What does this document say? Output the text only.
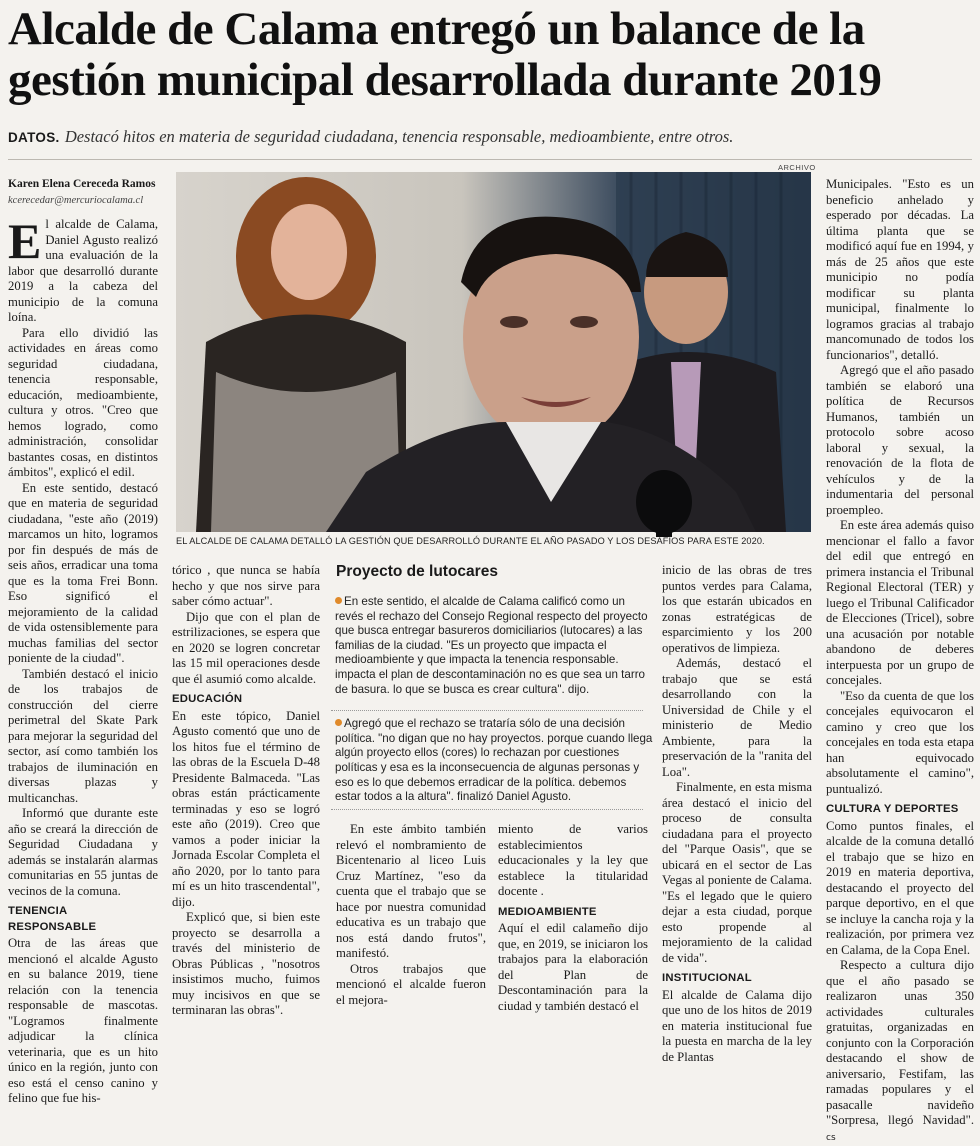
Alcalde de Calama entregó un balance de la gestión municipal desarrollada durante 2019
DATOS. Destacó hitos en materia de seguridad ciudadana, tenencia responsable, medioambiente, entre otros.
Karen Elena Cereceda Ramos
kcerecedar@mercuriocalama.cl

El alcalde de Calama, Daniel Agusto realizó una evaluación de la labor que desarrolló durante 2019 a la cabeza del municipio de la comuna loína.

Para ello dividió las actividades en áreas como seguridad ciudadana, tenencia responsable, educación, medioambiente, cultura y otros. "Creo que hemos logrado, como administración, consolidar bastantes cosas, en distintos ámbitos", explicó el edil.

En este sentido, destacó que en materia de seguridad ciudadana, "este año (2019) marcamos un hito, logramos por fin después de más de seis años, erradicar una toma que es la toma Frei Bonn. Eso significó el mejoramiento de la calidad de vida ostensiblemente para muchas familias del sector poniente de la ciudad".

También destacó el inicio de los trabajos de construcción del cierre perimetral del Skate Park para mejorar la seguridad del sector, así como también los trabajos de iluminación en diversas plazas y multicanchas.

Informó que durante este año se creará la dirección de Seguridad Ciudadana y además se instalarán alarmas comunitarias en 55 juntas de vecinos de la comuna.

TENENCIA RESPONSABLE

Otra de las áreas que mencionó el alcalde Agusto en su balance 2019, tiene relación con la tenencia responsable de mascotas. "Logramos finalmente adjudicar la clínica veterinaria, que es un hito único en la región, junto con eso está el censo canino y felino que fue his-

ARCHIVO
EL ALCALDE DE CALAMA DETALLÓ LA GESTIÓN QUE DESARROLLÓ DURANTE EL AÑO PASADO Y LOS DESAFÍOS PARA ESTE 2020.

tórico , que nunca se había hecho y que nos sirve para saber cómo actuar".

Dijo que con el plan de estrilizaciones, se espera que en 2020 se logren concretar las 15 mil operaciones desde que él asumió como alcalde.

EDUCACIÓN

En este tópico, Daniel Agusto comentó que uno de los hitos fue el término de las obras de la Escuela D-48 Presidente Balmaceda. "Las obras están prácticamente terminadas y eso se logró este año (2019). Creo que vamos a poder iniciar la Jornada Escolar Completa el año 2020, por lo tanto para mí es un hito trascendental", dijo.

Explicó que, si bien este proyecto se desarrolla a través del ministerio de Obras Públicas , "nosotros insistimos mucho, fuimos muy incisivos en que se terminaran las obras".

Proyecto de lutocares
En este sentido, el alcalde de Calama calificó como un revés el rechazo del Consejo Regional respecto del proyecto que busca entregar basureros domiciliarios (lutocares) a las familias de la ciudad. "Es un proyecto que impacta el medioambiente y que impacta la tenencia responsable. impacta el plan de descontaminación no es que sea un tarro de basura. lo que se busca es crear cultura". dijo.
Agregó que el rechazo se trataría sólo de una decisión política. "no digan que no hay proyectos. porque cuando llega algún proyecto ellos (cores) lo rechazan por cuestiones políticas y esa es la inconsecuencia de algunas personas y eso es lo que debemos erradicar de la política. debemos estar todos a la altura". finalizó Daniel Agusto.

En este ámbito también relevó el nombramiento de Bicentenario al liceo Luis Cruz Martínez, "eso da cuenta que el trabajo que se hace por nuestra comunidad educativa es un trabajo que nos está dando frutos", manifestó.

Otros trabajos que mencionó el alcalde fueron el mejora-

miento de varios establecimientos educacionales y la ley que establece la titularidad docente .

MEDIOAMBIENTE

Aquí el edil calameño dijo que, en 2019, se iniciaron los trabajos para la elaboración del Plan de Descontaminación para la ciudad y también destacó el

inicio de las obras de tres puntos verdes para Calama, los que estarán ubicados en zonas estratégicas de esparcimiento y los 200 operativos de limpieza.

Además, destacó el trabajo que se está desarrollando con la Universidad de Chile y el ministerio de Medio Ambiente, para la preservación de la "ranita del Loa".

Finalmente, en esta misma área destacó el inicio del proceso de consulta ciudadana para el proyecto del "Parque Oasis", que se ubicará en el sector de Las Vegas al poniente de Calama. "Es el legado que le quiero dejar a esta ciudad, porque esto propende al mejoramiento de la calidad de vida".

INSTITUCIONAL

El alcalde de Calama dijo que uno de los hitos de 2019 en materia institucional fue la puesta en marcha de la ley de Plantas

Municipales. "Esto es un beneficio anhelado y esperado por décadas. La última planta que se modificó aquí fue en 1994, y más de 25 años que este municipio no podía modificar su planta municipal, finalmente lo logramos gracias al trabajo mancomunado de todos los funcionarios", detalló.

Agregó que el año pasado también se elaboró una política de Recursos Humanos, también un protocolo sobre acoso laboral y sexual, la renovación de la flota de vehículos y de la indumentaria del personal proempleo.

En este área además quiso mencionar el fallo a favor del edil que entregó en primera instancia el Tribunal Regional Electoral (TER) y luego el Tribunal Calificador de Elecciones (Tricel), sobre una acusación por notable abandono de deberes interpuesta por un grupo de concejales.

"Eso da cuenta de que los concejales equivocaron el camino y creo que los concejales en toda esta etapa han equivocado absolutamente el camino", puntualizó.

CULTURA Y DEPORTES

Como puntos finales, el alcalde de la comuna detalló el trabajo que se hizo en 2019 en materia deportiva, destacando el proyecto del parque deportivo, en el que se incluye la cancha roja y la realización, por primera vez en Calama, de la Copa Enel.

Respecto a cultura dijo que el año pasado se realizaron unas 350 actividades culturales gratuitas, organizadas en conjunto con la Corporación destacando el show de aniversario, Festifam, las ramadas populares y el pasacalle navideño "Sorpresa, llegó Navidad". cs
